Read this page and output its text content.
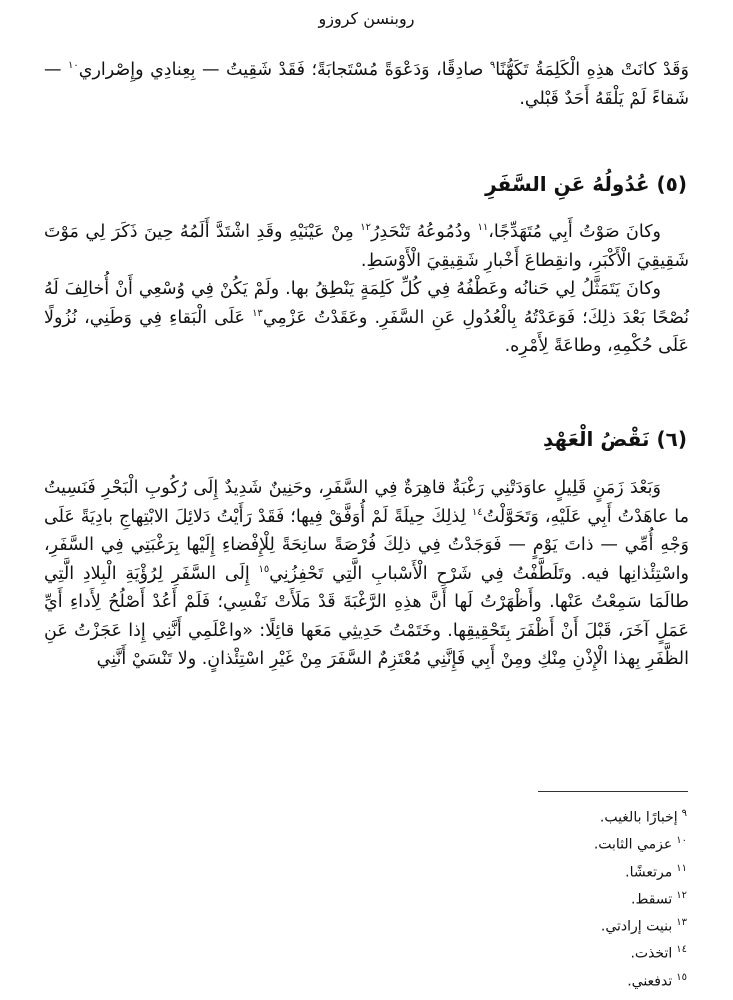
روبنسن كروزو

وَقَدْ كانَتْ هذِهِ الْكَلِمَةُ تَكَهُّنًا$^٩$ صادِقًا، وَدَعْوَةً مُسْتَجابَةً؛ فَقَدْ شَقِيتُ — بِعِنادِي وإِصْراري$^{١٠}$ — شَقاءً لَمْ يَلْقَهُ أَحَدٌ قَبْلي.

(٥) عُدُولُهُ عَنِ السَّفَرِ

وكانَ صَوْتُ أَبِي مُتَهَدِّجًا،$^{١١}$ ودُمُوعُهُ تَنْحَدِرُ$^{١٢}$ مِنْ عَيْنَيْهِ وقَدِ اشْتَدَّ أَلَمُهُ حِينَ ذَكَرَ لِي مَوْتَ شَقِيقِيَ الْأَكْبَرِ، وانقِطاعَ أَخْبارِ شَقِيقِيَ الْأَوْسَطِ.

وكانَ يَتَمَثَّلُ لِي حَنانُه وعَطْفُهُ فِي كُلِّ كَلِمَةٍ يَنْطِقُ بها. ولَمْ يَكُنْ فِي وُسْعِي أَنْ أُخالِفَ لَهُ نُصْحًا بَعْدَ ذلِكَ؛ فَوَعَدْتُهُ بِالْعُدُولِ عَنِ السَّفَرِ. وعَقَدْتُ عَزْمِي$^{١٣}$ عَلَى الْبَقاءِ فِي وَطَنِي، نُزُولًا عَلَى حُكْمِهِ، وطاعَةً لِأَمْرِه.

(٦) نَقْضُ الْعَهْدِ

وَبَعْدَ زَمَنٍ قَلِيلٍ عاوَدَتْنِي رَغْبَةٌ قاهِرَةٌ فِي السَّفَرِ، وحَنِينٌ شَدِيدٌ إِلَى رُكُوبِ الْبَحْرِ فَنَسِيتُ ما عاهَدْتُ أَبِي عَلَيْهِ، وَتَحَوَّلْتُ$^{١٤}$ لِذلِكَ حِيلَةً لَمْ أُوَفَّقْ فِيها؛ فَقَدْ رَأَيْتُ دَلائِلَ الابْتِهاجِ بادِيَةً عَلَى وَجْهِ أُمِّي — ذاتَ يَوْمٍ — فَوَجَدْتُ فِي ذلِكَ فُرْصَةً سانِحَةً لِلْإِفْضاءِ إِلَيْها بِرَغْبَتِي فِي السَّفَرِ، واسْتِئْذانِها فيه. وتَلَطَّفْتُ فِي شَرْحِ الْأَسْبابِ الَّتِي تَحْفِزُنِي$^{١٥}$ إِلَى السَّفَرِ لِرُؤْيَةِ الْبِلادِ الَّتِي طالَمَا سَمِعْتُ عَنْها. وأَظْهَرْتُ لَها أَنَّ هذِهِ الرَّغْبَةَ قَدْ مَلَأَتْ نَفْسِي؛ فَلَمْ أَعُدْ أَصْلُحُ لِأَداءِ أَيِّ عَمَلٍ آخَرَ، قَبْلَ أَنْ أَظْفَرَ بِتَحْقِيقِها. وخَتَمْتُ حَدِيثِي مَعَها قائِلًا: «واعْلَمِي أَنَّنِي إِذا عَجَزْتُ عَنِ الظَّفَرِ بِهذا الْإِذْنِ مِنْكِ ومِنْ أَبِي فَإِنَّنِي مُعْتَزِمٌ السَّفَرَ مِنْ غَيْرِ اسْتِئْذانٍ. ولا تَنْسَيْ أَنَّنِي

$^٩$إخبارًا بالغيب.
$^{١٠}$عزمي الثابت.
$^{١١}$مرتعشًا.
$^{١٢}$تسقط.
$^{١٣}$بنيت إرادتي.
$^{١٤}$اتخذت.
$^{١٥}$تدفعني.
